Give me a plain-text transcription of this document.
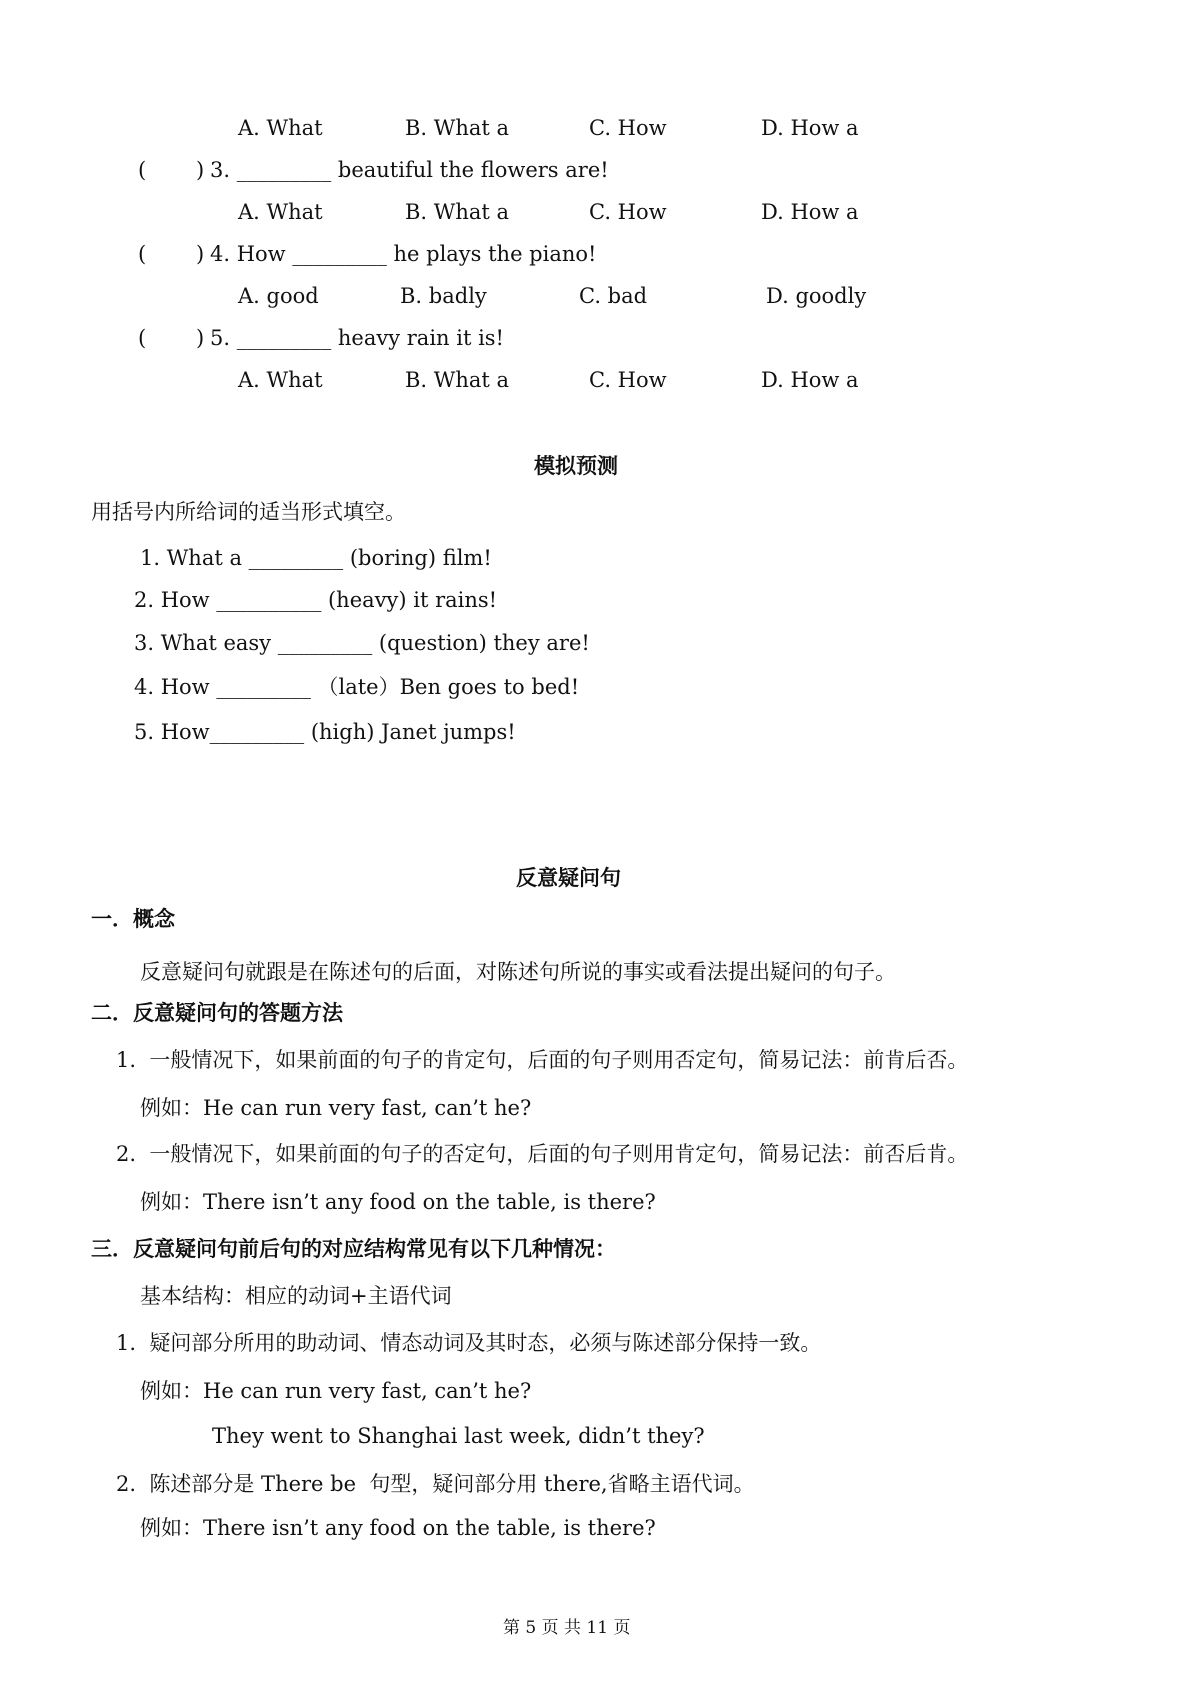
A. What	B. What a	C. How	D. How a
( ) 3. _________ beautiful the flowers are!
A. What	B. What a	C. How	D. How a
( ) 4. How _________ he plays the piano!
A. good	B. badly	C. bad	D. goodly
( ) 5. _________ heavy rain it is!
A. What	B. What a	C. How	D. How a
模拟预测
用括号内所给词的适当形式填空。
1. What a _________ (boring) film!
2. How __________ (heavy) it rains!
3. What easy _________ (question) they are!
4. How _________ （late）Ben goes to bed!
5. How_________ (high) Janet jumps!
反意疑问句
一．概念
反意疑问句就跟是在陈述句的后面，对陈述句所说的事实或看法提出疑问的句子。
二．反意疑问句的答题方法
1.  一般情况下，如果前面的句子的肯定句，后面的句子则用否定句，简易记法：前肯后否。
例如：He can run very fast, can’t he?
2.  一般情况下，如果前面的句子的否定句，后面的句子则用肯定句，简易记法：前否后肯。
例如：There isn’t any food on the table, is there?
三．反意疑问句前后句的对应结构常见有以下几种情况：
基本结构：相应的动词+主语代词
1.  疑问部分所用的助动词、情态动词及其时态，必须与陈述部分保持一致。
例如：He can run very fast, can’t he?
They went to Shanghai last week, didn’t they?
2.  陈述部分是 There be  句型，疑问部分用 there,省略主语代词。
例如：There isn’t any food on the table, is there?
第 5 页 共 11 页
